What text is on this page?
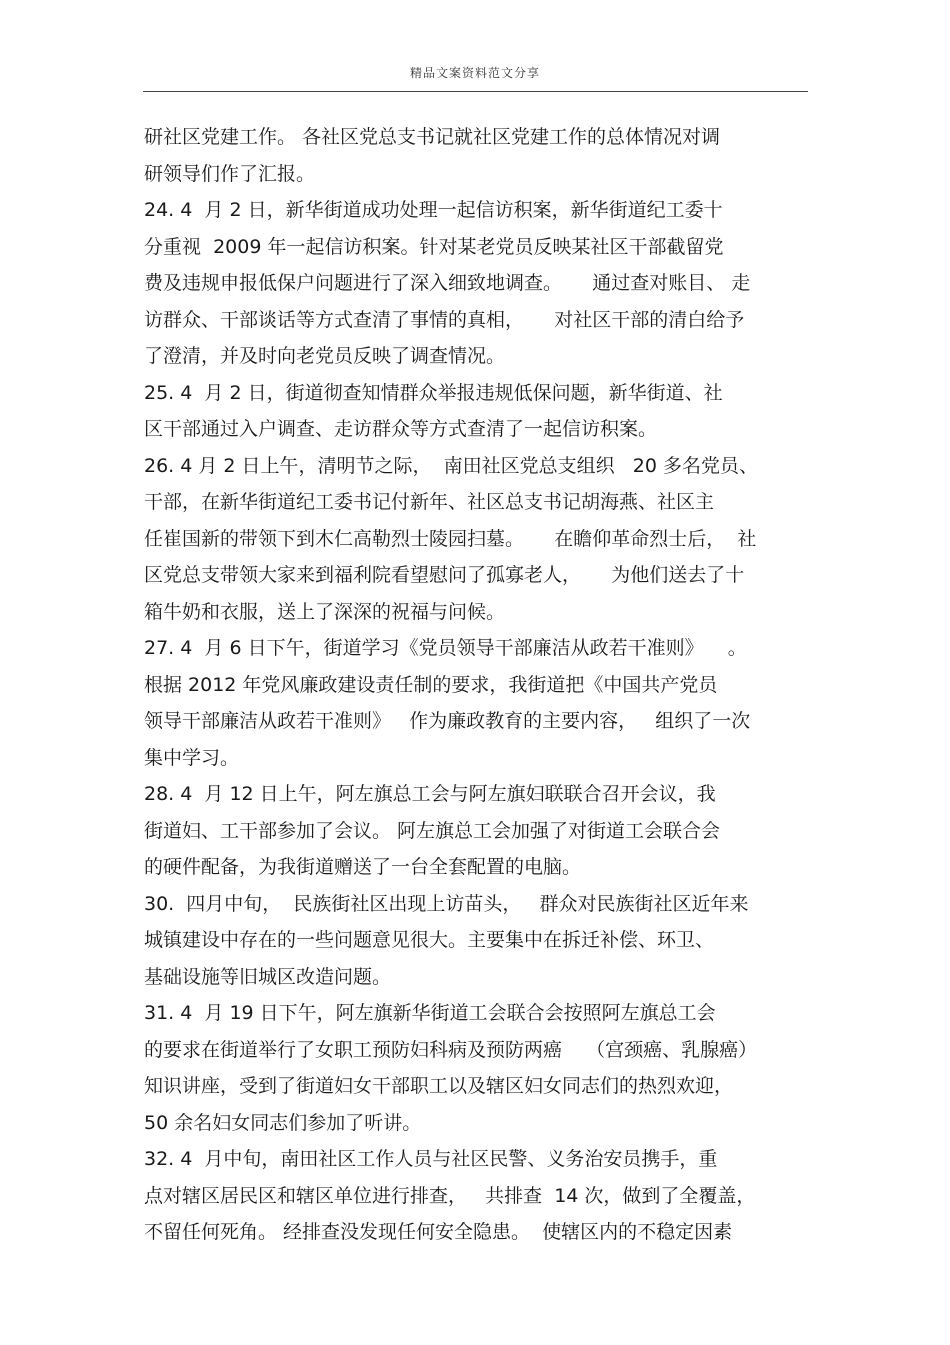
精品文案资料范文分享
研社区党建工作。 各社区党总支书记就社区党建工作的总体情况对调
研领导们作了汇报。
24. 4  月 2 日，新华街道成功处理一起信访积案，新华街道纪工委十
分重视  2009 年一起信访积案。针对某老党员反映某社区干部截留党
费及违规申报低保户问题进行了深入细致地调查。     通过查对账目、 走
访群众、干部谈话等方式查清了事情的真相，     对社区干部的清白给予
了澄清，并及时向老党员反映了调查情况。
25. 4  月 2 日，街道彻查知情群众举报违规低保问题，新华街道、社
区干部通过入户调查、走访群众等方式查清了一起信访积案。
26. 4 月 2 日上午，清明节之际，  南田社区党总支组织   20 多名党员、
干部，在新华街道纪工委书记付新年、社区总支书记胡海燕、社区主
任崔国新的带领下到木仁高勒烈士陵园扫墓。     在瞻仰革命烈士后，  社
区党总支带领大家来到福利院看望慰问了孤寡老人，     为他们送去了十
箱牛奶和衣服，送上了深深的祝福与问候。
27. 4  月 6 日下午，街道学习《党员领导干部廉洁从政若干准则》    。
根据 2012 年党风廉政建设责任制的要求，我街道把《中国共产党员
领导干部廉洁从政若干准则》   作为廉政教育的主要内容，   组织了一次
集中学习。
28. 4  月 12 日上午，阿左旗总工会与阿左旗妇联联合召开会议，我
街道妇、工干部参加了会议。 阿左旗总工会加强了对街道工会联合会
的硬件配备，为我街道赠送了一台全套配置的电脑。
30.  四月中旬，  民族街社区出现上访苗头，   群众对民族街社区近年来
城镇建设中存在的一些问题意见很大。主要集中在拆迁补偿、环卫、
基础设施等旧城区改造问题。
31. 4  月 19 日下午，阿左旗新华街道工会联合会按照阿左旗总工会
的要求在街道举行了女职工预防妇科病及预防两癌    （宫颈癌、乳腺癌）
知识讲座，受到了街道妇女干部职工以及辖区妇女同志们的热烈欢迎，
50 余名妇女同志们参加了听讲。
32. 4  月中旬，南田社区工作人员与社区民警、义务治安员携手，重
点对辖区居民区和辖区单位进行排查，   共排查  14 次，做到了全覆盖，
不留任何死角。 经排查没发现任何安全隐患。  使辖区内的不稳定因素
